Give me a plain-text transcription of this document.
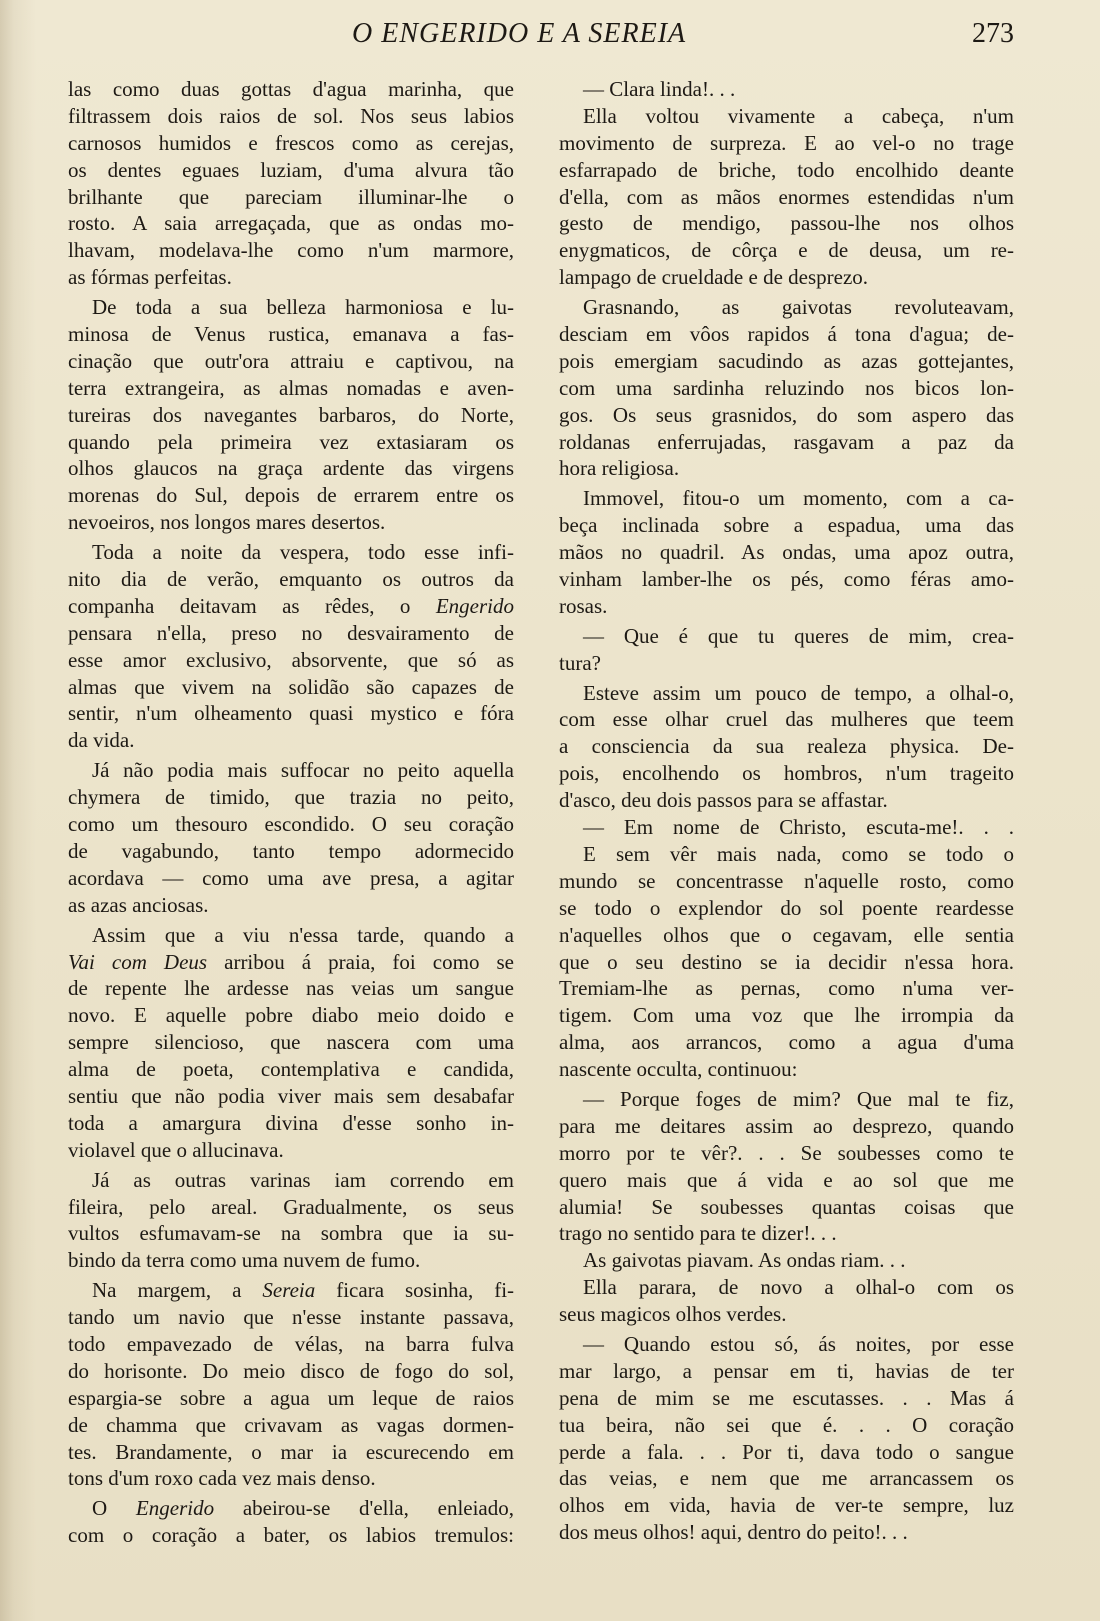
O ENGERIDO E A SEREIA	273
las como duas gottas d'agua marinha, que
filtrassem dois raios de sol. Nos seus labios
carnosos humidos e frescos como as cerejas,
os dentes eguaes luziam, d'uma alvura tão
brilhante que pareciam illuminar-lhe o
rosto. A saia arregaçada, que as ondas mo-
lhavam, modelava-lhe como n'um marmore,
as fórmas perfeitas.
De toda a sua belleza harmoniosa e lu-
minosa de Venus rustica, emanava a fas-
cinação que outr'ora attraiu e captivou, na
terra extrangeira, as almas nomadas e aven-
tureiras dos navegantes barbaros, do Norte,
quando pela primeira vez extasiaram os
olhos glaucos na graça ardente das virgens
morenas do Sul, depois de errarem entre os
nevoeiros, nos longos mares desertos.
Toda a noite da vespera, todo esse infi-
nito dia de verão, emquanto os outros da
companha deitavam as rêdes, o Engerido
pensara n'ella, preso no desvairamento de
esse amor exclusivo, absorvente, que só as
almas que vivem na solidão são capazes de
sentir, n'um olheamento quasi mystico e fóra
da vida.
Já não podia mais suffocar no peito aquella
chymera de timido, que trazia no peito,
como um thesouro escondido. O seu coração
de vagabundo, tanto tempo adormecido
acordava — como uma ave presa, a agitar
as azas anciosas.
Assim que a viu n'essa tarde, quando a
Vai com Deus arribou á praia, foi como se
de repente lhe ardesse nas veias um sangue
novo. E aquelle pobre diabo meio doido e
sempre silencioso, que nascera com uma
alma de poeta, contemplativa e candida,
sentiu que não podia viver mais sem desabafar
toda a amargura divina d'esse sonho in-
violavel que o allucinava.
Já as outras varinas iam correndo em
fileira, pelo areal. Gradualmente, os seus
vultos esfumavam-se na sombra que ia su-
bindo da terra como uma nuvem de fumo.
Na margem, a Sereia ficara sosinha, fi-
tando um navio que n'esse instante passava,
todo empavezado de vélas, na barra fulva
do horisonte. Do meio disco de fogo do sol,
espargia-se sobre a agua um leque de raios
de chamma que crivavam as vagas dormen-
tes. Brandamente, o mar ia escurecendo em
tons d'um roxo cada vez mais denso.
O Engerido abeirou-se d'ella, enleiado,
com o coração a bater, os labios tremulos:
— Clara linda!. . .
Ella voltou vivamente a cabeça, n'um
movimento de surpreza. E ao vel-o no trage
esfarrapado de briche, todo encolhido deante
d'ella, com as mãos enormes estendidas n'um
gesto de mendigo, passou-lhe nos olhos
enygmaticos, de côrça e de deusa, um re-
lampago de crueldade e de desprezo.
Grasnando, as gaivotas revoluteavam,
desciam em vôos rapidos á tona d'agua; de-
pois emergiam sacudindo as azas gottejantes,
com uma sardinha reluzindo nos bicos lon-
gos. Os seus grasnidos, do som aspero das
roldanas enferrujadas, rasgavam a paz da
hora religiosa.
Immovel, fitou-o um momento, com a ca-
beça inclinada sobre a espadua, uma das
mãos no quadril. As ondas, uma apoz outra,
vinham lamber-lhe os pés, como féras amo-
rosas.
— Que é que tu queres de mim, crea-
tura?
Esteve assim um pouco de tempo, a olhal-o,
com esse olhar cruel das mulheres que teem
a consciencia da sua realeza physica. De-
pois, encolhendo os hombros, n'um trageito
d'asco, deu dois passos para se affastar.
— Em nome de Christo, escuta-me!. . .
E sem vêr mais nada, como se todo o
mundo se concentrasse n'aquelle rosto, como
se todo o explendor do sol poente reardesse
n'aquelles olhos que o cegavam, elle sentia
que o seu destino se ia decidir n'essa hora.
Tremiam-lhe as pernas, como n'uma ver-
tigem. Com uma voz que lhe irrompia da
alma, aos arrancos, como a agua d'uma
nascente occulta, continuou:
— Porque foges de mim? Que mal te fiz,
para me deitares assim ao desprezo, quando
morro por te vêr?. . . Se soubesses como te
quero mais que á vida e ao sol que me
alumia! Se soubesses quantas coisas que
trago no sentido para te dizer!. . .
As gaivotas piavam. As ondas riam. . .
Ella parara, de novo a olhal-o com os
seus magicos olhos verdes.
— Quando estou só, ás noites, por esse
mar largo, a pensar em ti, havias de ter
pena de mim se me escutasses. . . Mas á
tua beira, não sei que é. . . O coração
perde a fala. . . Por ti, dava todo o sangue
das veias, e nem que me arrancassem os
olhos em vida, havia de ver-te sempre, luz
dos meus olhos! aqui, dentro do peito!. . .
